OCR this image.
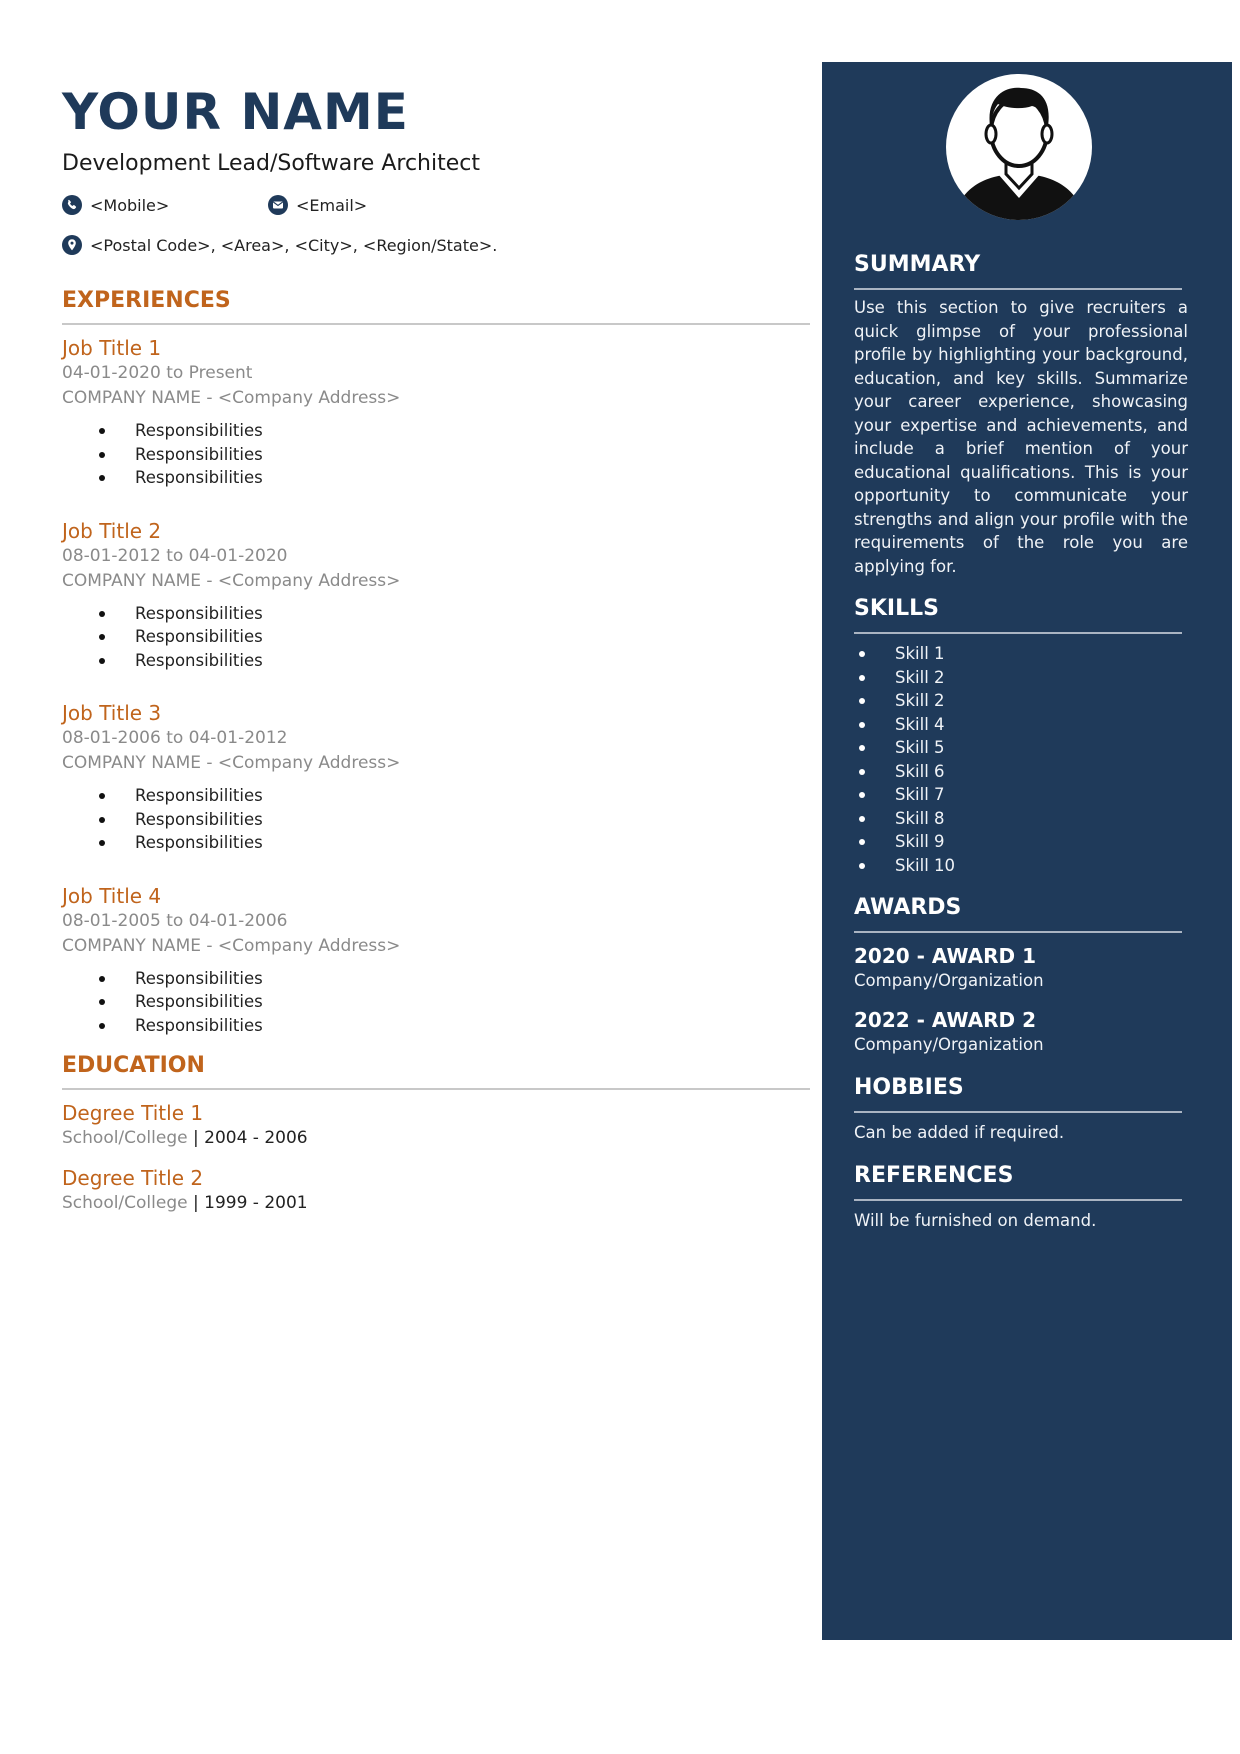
YOUR NAME
Development Lead/Software Architect
<Mobile>	<Email>
<Postal Code>, <Area>, <City>, <Region/State>.
EXPERIENCES
Job Title 1
04-01-2020 to Present
COMPANY NAME - <Company Address>
Responsibilities
Responsibilities
Responsibilities
Job Title 2
08-01-2012 to 04-01-2020
COMPANY NAME - <Company Address>
Responsibilities
Responsibilities
Responsibilities
Job Title 3
08-01-2006 to 04-01-2012
COMPANY NAME - <Company Address>
Responsibilities
Responsibilities
Responsibilities
Job Title 4
08-01-2005 to 04-01-2006
COMPANY NAME - <Company Address>
Responsibilities
Responsibilities
Responsibilities
EDUCATION
Degree Title 1
School/College | 2004 - 2006
Degree Title 2
School/College | 1999 - 2001
SUMMARY
Use this section to give recruiters a quick glimpse of your professional profile by highlighting your background, education, and key skills. Summarize your career experience, showcasing your expertise and achievements, and include a brief mention of your educational qualifications. This is your opportunity to communicate your strengths and align your profile with the requirements of the role you are applying for.
SKILLS
Skill 1
Skill 2
Skill 2
Skill 4
Skill 5
Skill 6
Skill 7
Skill 8
Skill 9
Skill 10
AWARDS
2020 - AWARD 1
Company/Organization
2022 - AWARD 2
Company/Organization
HOBBIES
Can be added if required.
REFERENCES
Will be furnished on demand.
